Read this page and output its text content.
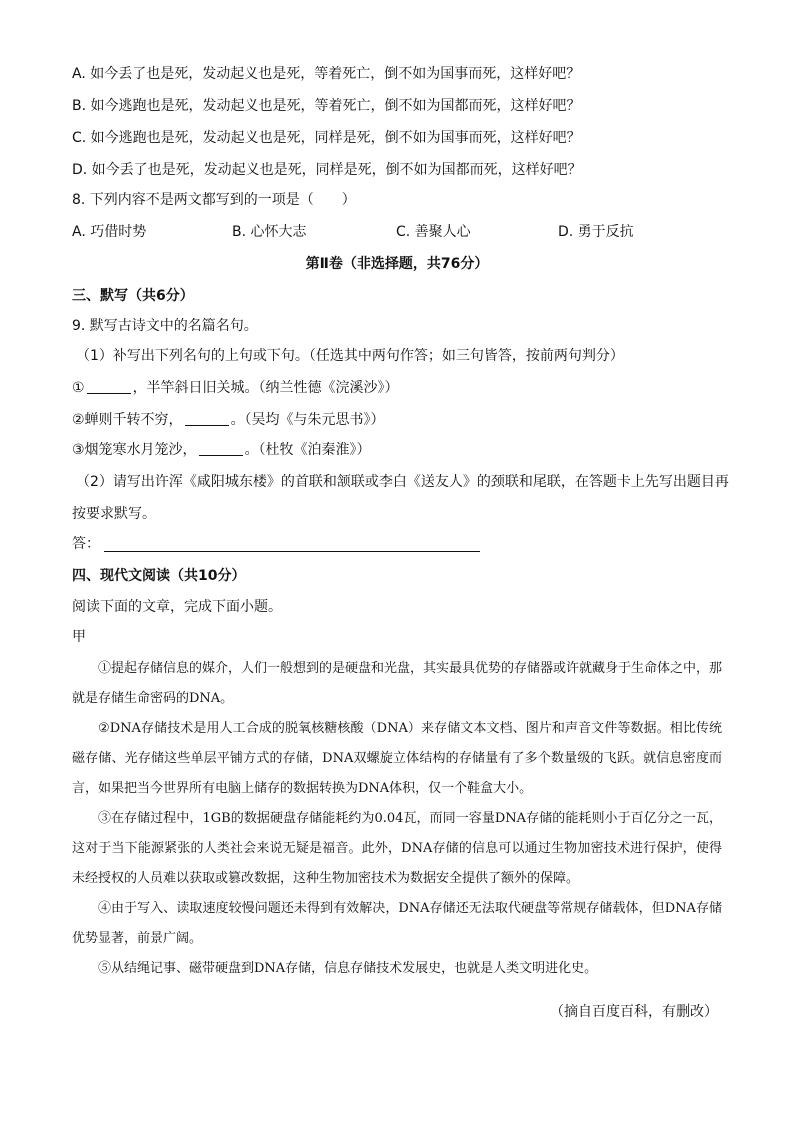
A. 如今丢了也是死，发动起义也是死，等着死亡，倒不如为国事而死，这样好吧？
B. 如今逃跑也是死，发动起义也是死，等着死亡，倒不如为国都而死，这样好吧？
C. 如今逃跑也是死，发动起义也是死，同样是死，倒不如为国事而死，这样好吧？
D. 如今丢了也是死，发动起义也是死，同样是死，倒不如为国都而死，这样好吧？
8. 下列内容不是两文都写到的一项是（　　）
A. 巧借时势	B. 心怀大志	C. 善聚人心	D. 勇于反抗
第Ⅱ卷（非选择题，共76分）
三、默写（共6分）
9. 默写古诗文中的名篇名句。
（1）补写出下列名句的上句或下句。（任选其中两句作答；如三句皆答，按前两句判分）
①	，半竿斜日旧关城。（纳兰性德《浣溪沙》）
②蝉则千转不穷，	。（吴均《与朱元思书》）
③烟笼寒水月笼沙，	。（杜牧《泊秦淮》）
（2）请写出许浑《咸阳城东楼》的首联和颔联或李白《送友人》的颈联和尾联，在答题卡上先写出题目再
按要求默写。
答：
四、现代文阅读（共10分）
阅读下面的文章，完成下面小题。
甲

①提起存储信息的媒介，人们一般想到的是硬盘和光盘，其实最具优势的存储器或许就藏身于生命体之中，那就是存储生命密码的DNA。

②DNA存储技术是用人工合成的脱氧核糖核酸（DNA）来存储文本文档、图片和声音文件等数据。相比传统磁存储、光存储这些单层平铺方式的存储，DNA双螺旋立体结构的存储量有了多个数量级的飞跃。就信息密度而言，如果把当今世界所有电脑上储存的数据转换为DNA体积，仅一个鞋盒大小。

③在存储过程中，1GB的数据硬盘存储能耗约为0.04瓦，而同一容量DNA存储的能耗则小于百亿分之一瓦，这对于当下能源紧张的人类社会来说无疑是福音。此外，DNA存储的信息可以通过生物加密技术进行保护，使得未经授权的人员难以获取或篡改数据，这种生物加密技术为数据安全提供了额外的保障。

④由于写入、读取速度较慢问题还未得到有效解决，DNA存储还无法取代硬盘等常规存储载体，但DNA存储优势显著，前景广阔。

⑤从结绳记事、磁带硬盘到DNA存储，信息存储技术发展史，也就是人类文明进化史。

（摘自百度百科，有删改）
